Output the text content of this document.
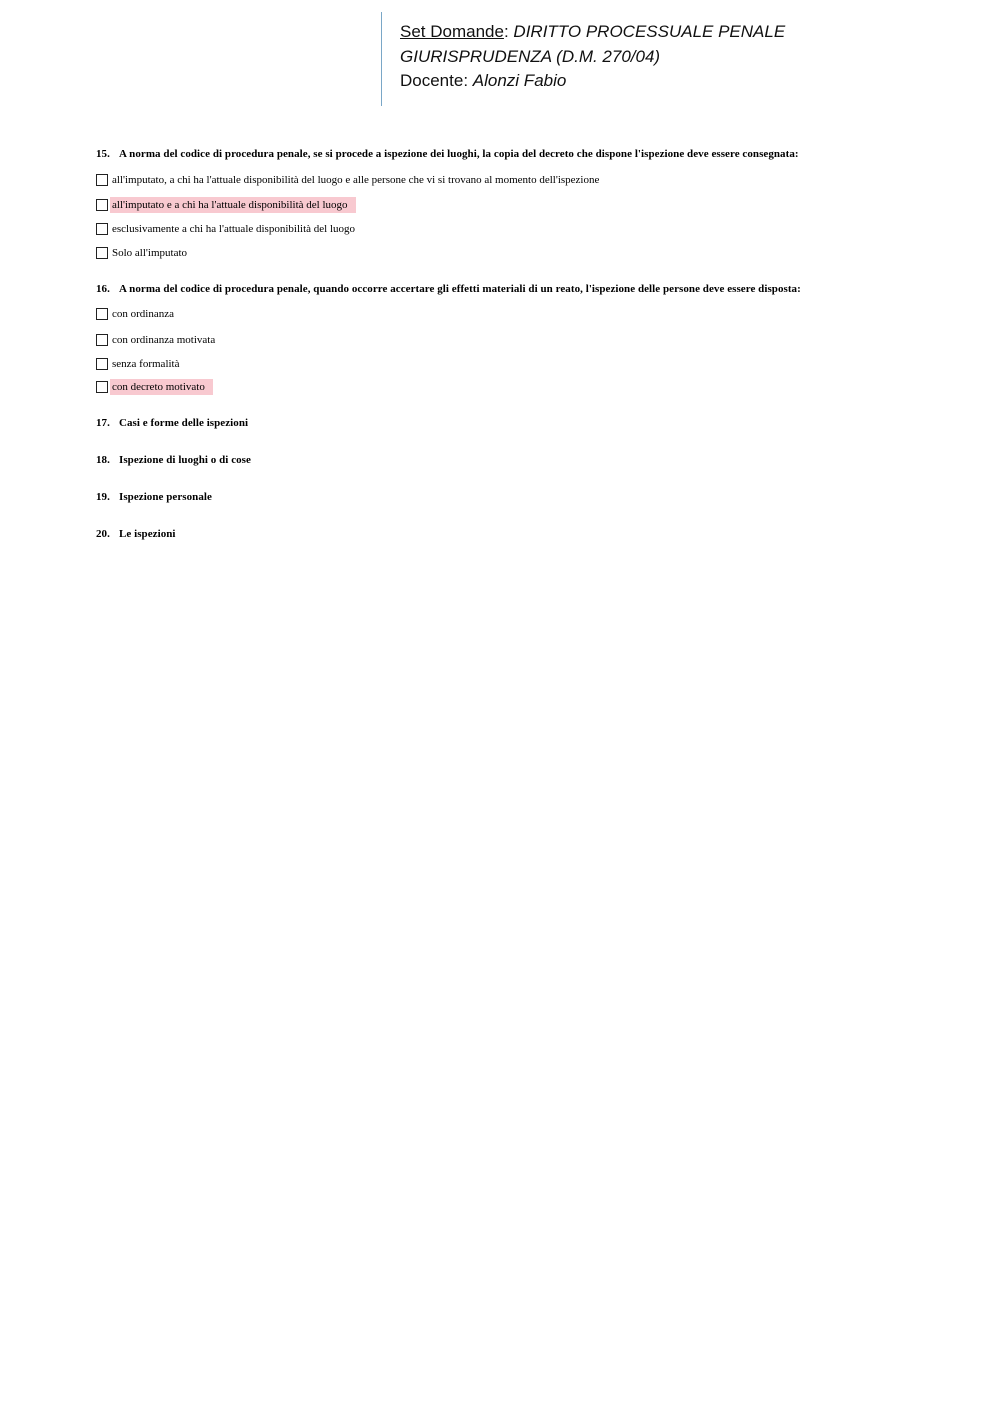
Set Domande: DIRITTO PROCESSUALE PENALE
GIURISPRUDENZA (D.M. 270/04)
Docente: Alonzi Fabio
15. A norma del codice di procedura penale, se si procede a ispezione dei luoghi, la copia del decreto che dispone l'ispezione deve essere consegnata:
all'imputato, a chi ha l'attuale disponibilità del luogo e alle persone che vi si trovano al momento dell'ispezione
all'imputato e a chi ha l'attuale disponibilità del luogo
esclusivamente a chi ha l'attuale disponibilità del luogo
Solo all'imputato
16. A norma del codice di procedura penale, quando occorre accertare gli effetti materiali di un reato, l'ispezione delle persone deve essere disposta:
con ordinanza
con ordinanza motivata
senza formalità
con decreto motivato
17. Casi e forme delle ispezioni
18. Ispezione di luoghi o di cose
19. Ispezione personale
20. Le ispezioni
